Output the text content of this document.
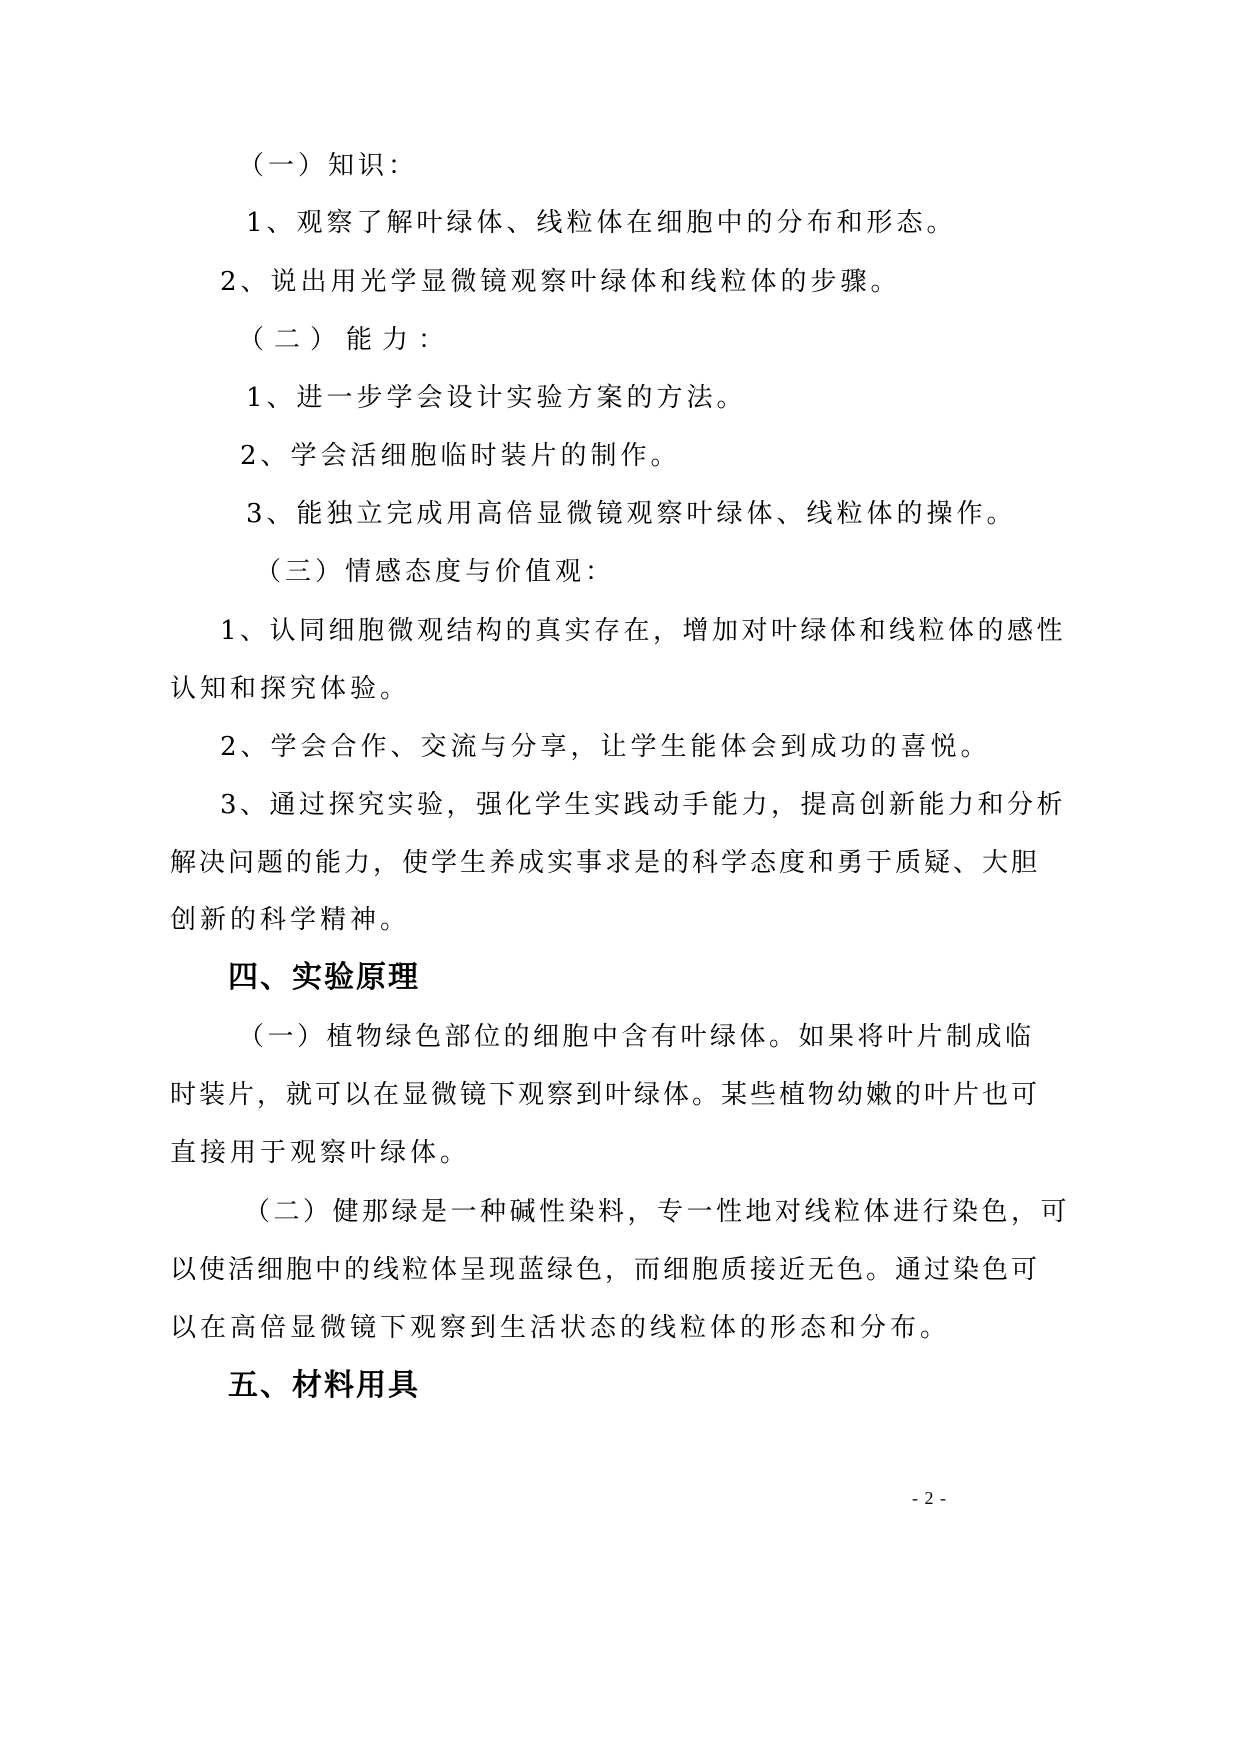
（一）知识：
1、观察了解叶绿体、线粒体在细胞中的分布和形态。
2、说出用光学显微镜观察叶绿体和线粒体的步骤。
（二）能力：
1、进一步学会设计实验方案的方法。
2、学会活细胞临时装片的制作。
3、能独立完成用高倍显微镜观察叶绿体、线粒体的操作。
（三）情感态度与价值观：
1、认同细胞微观结构的真实存在，增加对叶绿体和线粒体的感性
认知和探究体验。
2、学会合作、交流与分享，让学生能体会到成功的喜悦。
3、通过探究实验，强化学生实践动手能力，提高创新能力和分析
解决问题的能力，使学生养成实事求是的科学态度和勇于质疑、大胆
创新的科学精神。
四、实验原理
（一）植物绿色部位的细胞中含有叶绿体。如果将叶片制成临
时装片，就可以在显微镜下观察到叶绿体。某些植物幼嫩的叶片也可
直接用于观察叶绿体。
（二）健那绿是一种碱性染料，专一性地对线粒体进行染色，可
以使活细胞中的线粒体呈现蓝绿色，而细胞质接近无色。通过染色可
以在高倍显微镜下观察到生活状态的线粒体的形态和分布。
五、材料用具
- 2 -
